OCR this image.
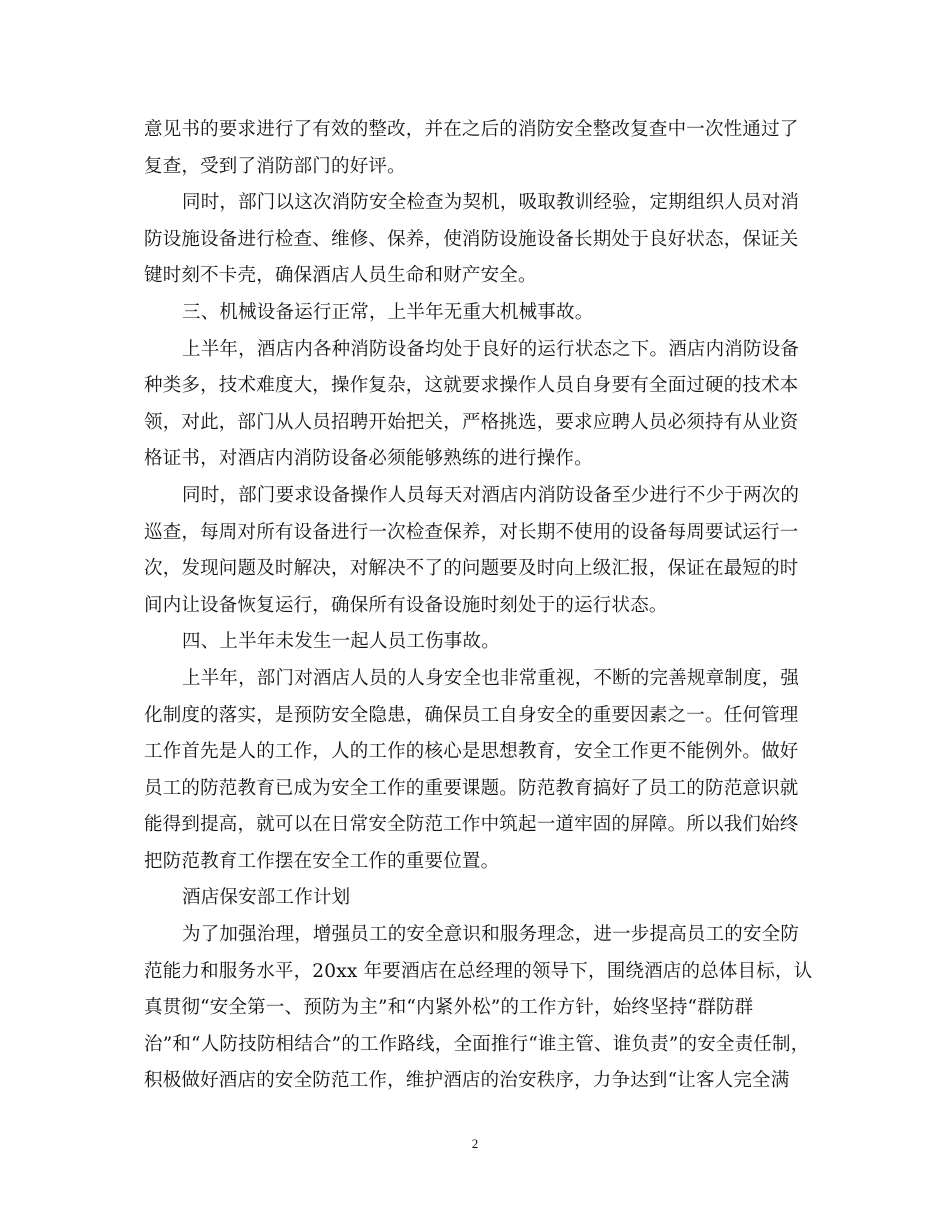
意见书的要求进行了有效的整改，并在之后的消防安全整改复查中一次性通过了
复查，受到了消防部门的好评。
同时，部门以这次消防安全检查为契机，吸取教训经验，定期组织人员对消
防设施设备进行检查、维修、保养，使消防设施设备长期处于良好状态，保证关
键时刻不卡壳，确保酒店人员生命和财产安全。
三、机械设备运行正常，上半年无重大机械事故。
上半年，酒店内各种消防设备均处于良好的运行状态之下。酒店内消防设备
种类多，技术难度大，操作复杂，这就要求操作人员自身要有全面过硬的技术本
领，对此，部门从人员招聘开始把关，严格挑选，要求应聘人员必须持有从业资
格证书，对酒店内消防设备必须能够熟练的进行操作。
同时，部门要求设备操作人员每天对酒店内消防设备至少进行不少于两次的
巡查，每周对所有设备进行一次检查保养，对长期不使用的设备每周要试运行一
次，发现问题及时解决，对解决不了的问题要及时向上级汇报，保证在最短的时
间内让设备恢复运行，确保所有设备设施时刻处于的运行状态。
四、上半年未发生一起人员工伤事故。
上半年，部门对酒店人员的人身安全也非常重视，不断的完善规章制度，强
化制度的落实，是预防安全隐患，确保员工自身安全的重要因素之一。任何管理
工作首先是人的工作，人的工作的核心是思想教育，安全工作更不能例外。做好
员工的防范教育已成为安全工作的重要课题。防范教育搞好了员工的防范意识就
能得到提高，就可以在日常安全防范工作中筑起一道牢固的屏障。所以我们始终
把防范教育工作摆在安全工作的重要位置。
酒店保安部工作计划
为了加强治理，增强员工的安全意识和服务理念，进一步提高员工的安全防
范能力和服务水平，20xx 年要酒店在总经理的领导下，围绕酒店的总体目标，认
真贯彻“安全第一、预防为主”和“内紧外松”的工作方针，始终坚持“群防群
治”和“人防技防相结合”的工作路线，全面推行“谁主管、谁负责”的安全责任制，
积极做好酒店的安全防范工作，维护酒店的治安秩序，力争达到“让客人完全满
2
